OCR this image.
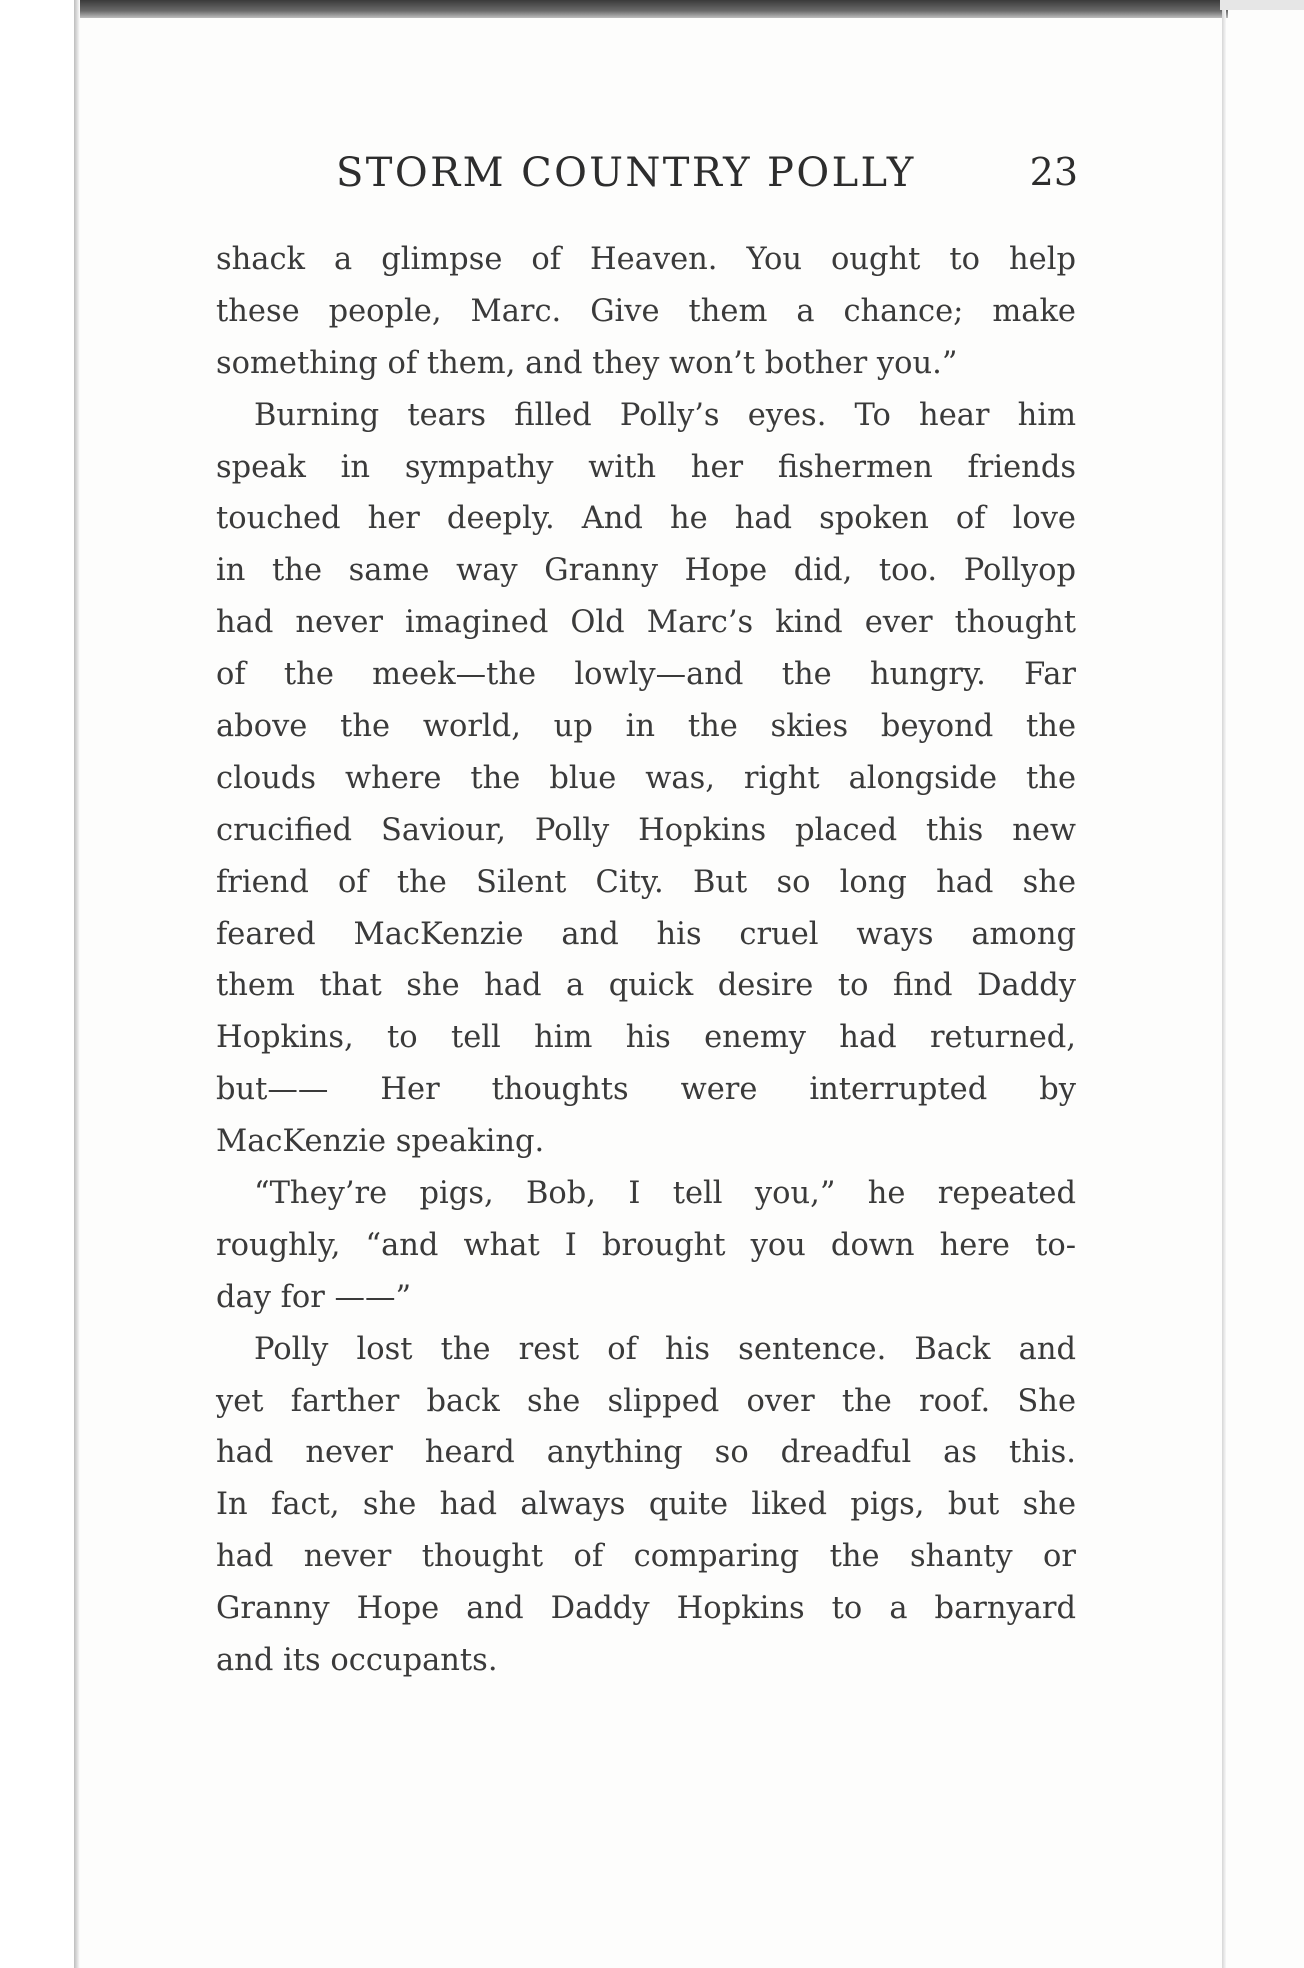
STORM COUNTRY POLLY	23
shack a glimpse of Heaven. You ought to help
these people, Marc. Give them a chance; make
something of them, and they won’t bother you.”
Burning tears filled Polly’s eyes. To hear him
speak in sympathy with her fishermen friends
touched her deeply. And he had spoken of love
in the same way Granny Hope did, too. Pollyop
had never imagined Old Marc’s kind ever thought
of the meek—the lowly—and the hungry. Far
above the world, up in the skies beyond the
clouds where the blue was, right alongside the
crucified Saviour, Polly Hopkins placed this new
friend of the Silent City. But so long had she
feared MacKenzie and his cruel ways among
them that she had a quick desire to find Daddy
Hopkins, to tell him his enemy had returned,
but—— Her thoughts were interrupted by
MacKenzie speaking.
“They’re pigs, Bob, I tell you,” he repeated
roughly, “and what I brought you down here to-
day for ——”
Polly lost the rest of his sentence. Back and
yet farther back she slipped over the roof. She
had never heard anything so dreadful as this.
In fact, she had always quite liked pigs, but she
had never thought of comparing the shanty or
Granny Hope and Daddy Hopkins to a barnyard
and its occupants.
